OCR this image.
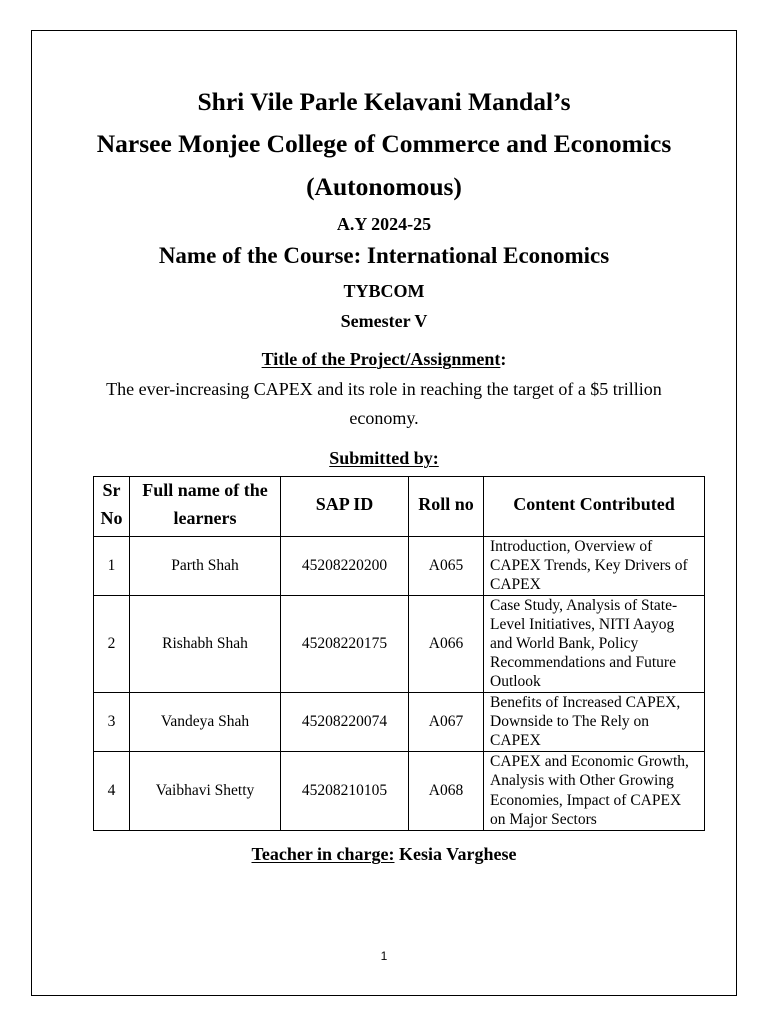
Shri Vile Parle Kelavani Mandal’s
Narsee Monjee College of Commerce and Economics
(Autonomous)
A.Y 2024-25
Name of the Course: International Economics
TYBCOM
Semester V
Title of the Project/Assignment:
The ever-increasing CAPEX and its role in reaching the target of a $5 trillion economy.
Submitted by:
Sr No	Full name of the learners	SAP ID	Roll no	Content Contributed
1	Parth Shah	45208220200	A065	Introduction, Overview of
CAPEX Trends, Key Drivers of
CAPEX

2	Rishabh Shah	45208220175	A066	Case Study, Analysis of State-
Level Initiatives, NITI Aayog
and World Bank, Policy
Recommendations and Future
Outlook

3	Vandeya Shah	45208220074	A067	Benefits of Increased CAPEX,
Downside to The Rely on
CAPEX

4	Vaibhavi Shetty	45208210105	A068	CAPEX and Economic Growth,
Analysis with Other Growing
Economies, Impact of CAPEX
on Major Sectors
Teacher in charge: Kesia Varghese
1
